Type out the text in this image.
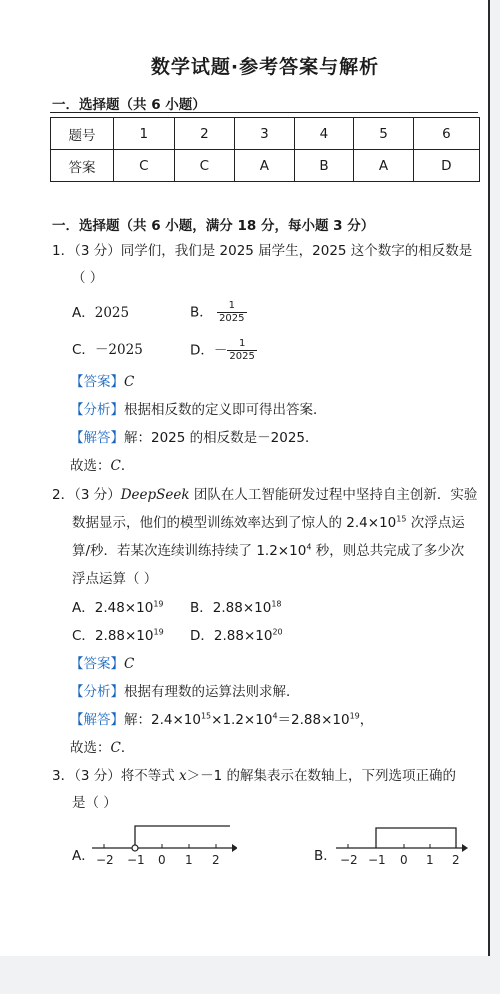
数学试题·参考答案与解析
一．选择题（共 6 小题）
题号	1	2	3	4	5	6
答案	C	C	A	B	A	D
一．选择题（共 6 小题，满分 18 分，每小题 3 分）
1．（3 分）同学们，我们是 2025 届学生，2025 这个数字的相反数是
（ ）
A．2025	B． $\frac{1}{2025}$
C．－2025	D．－ $\frac{1}{2025}$
【答案】C
【分析】根据相反数的定义即可得出答案．
【解答】解：2025 的相反数是－2025．
故选：C．
2．（3 分）DeepSeek 团队在人工智能研发过程中坚持自主创新．实验
数据显示，他们的模型训练效率达到了惊人的 $2.4\times 10^{15}$ 次浮点运
算/秒．若某次连续训练持续了 $1.2\times 10^4$ 秒，则总共完成了多少次
浮点运算（ ）
A．$2.48\times 10^{19}$ B．$2.88\times 10^{18}$
C．$2.88\times 10^{19}$ D．$2.88\times 10^{20}$
【答案】C
【分析】根据有理数的运算法则求解．
【解答】解：$2.4\times 10^{15}\times 1.2\times 10^4=2.88\times 10^{19}$，
故选：C．
3．（3 分）将不等式 x＞－1 的解集表示在数轴上，下列选项正确的
是（ ）
A． −2 −1 0 1 2	B． −2 −1 0 1 2
